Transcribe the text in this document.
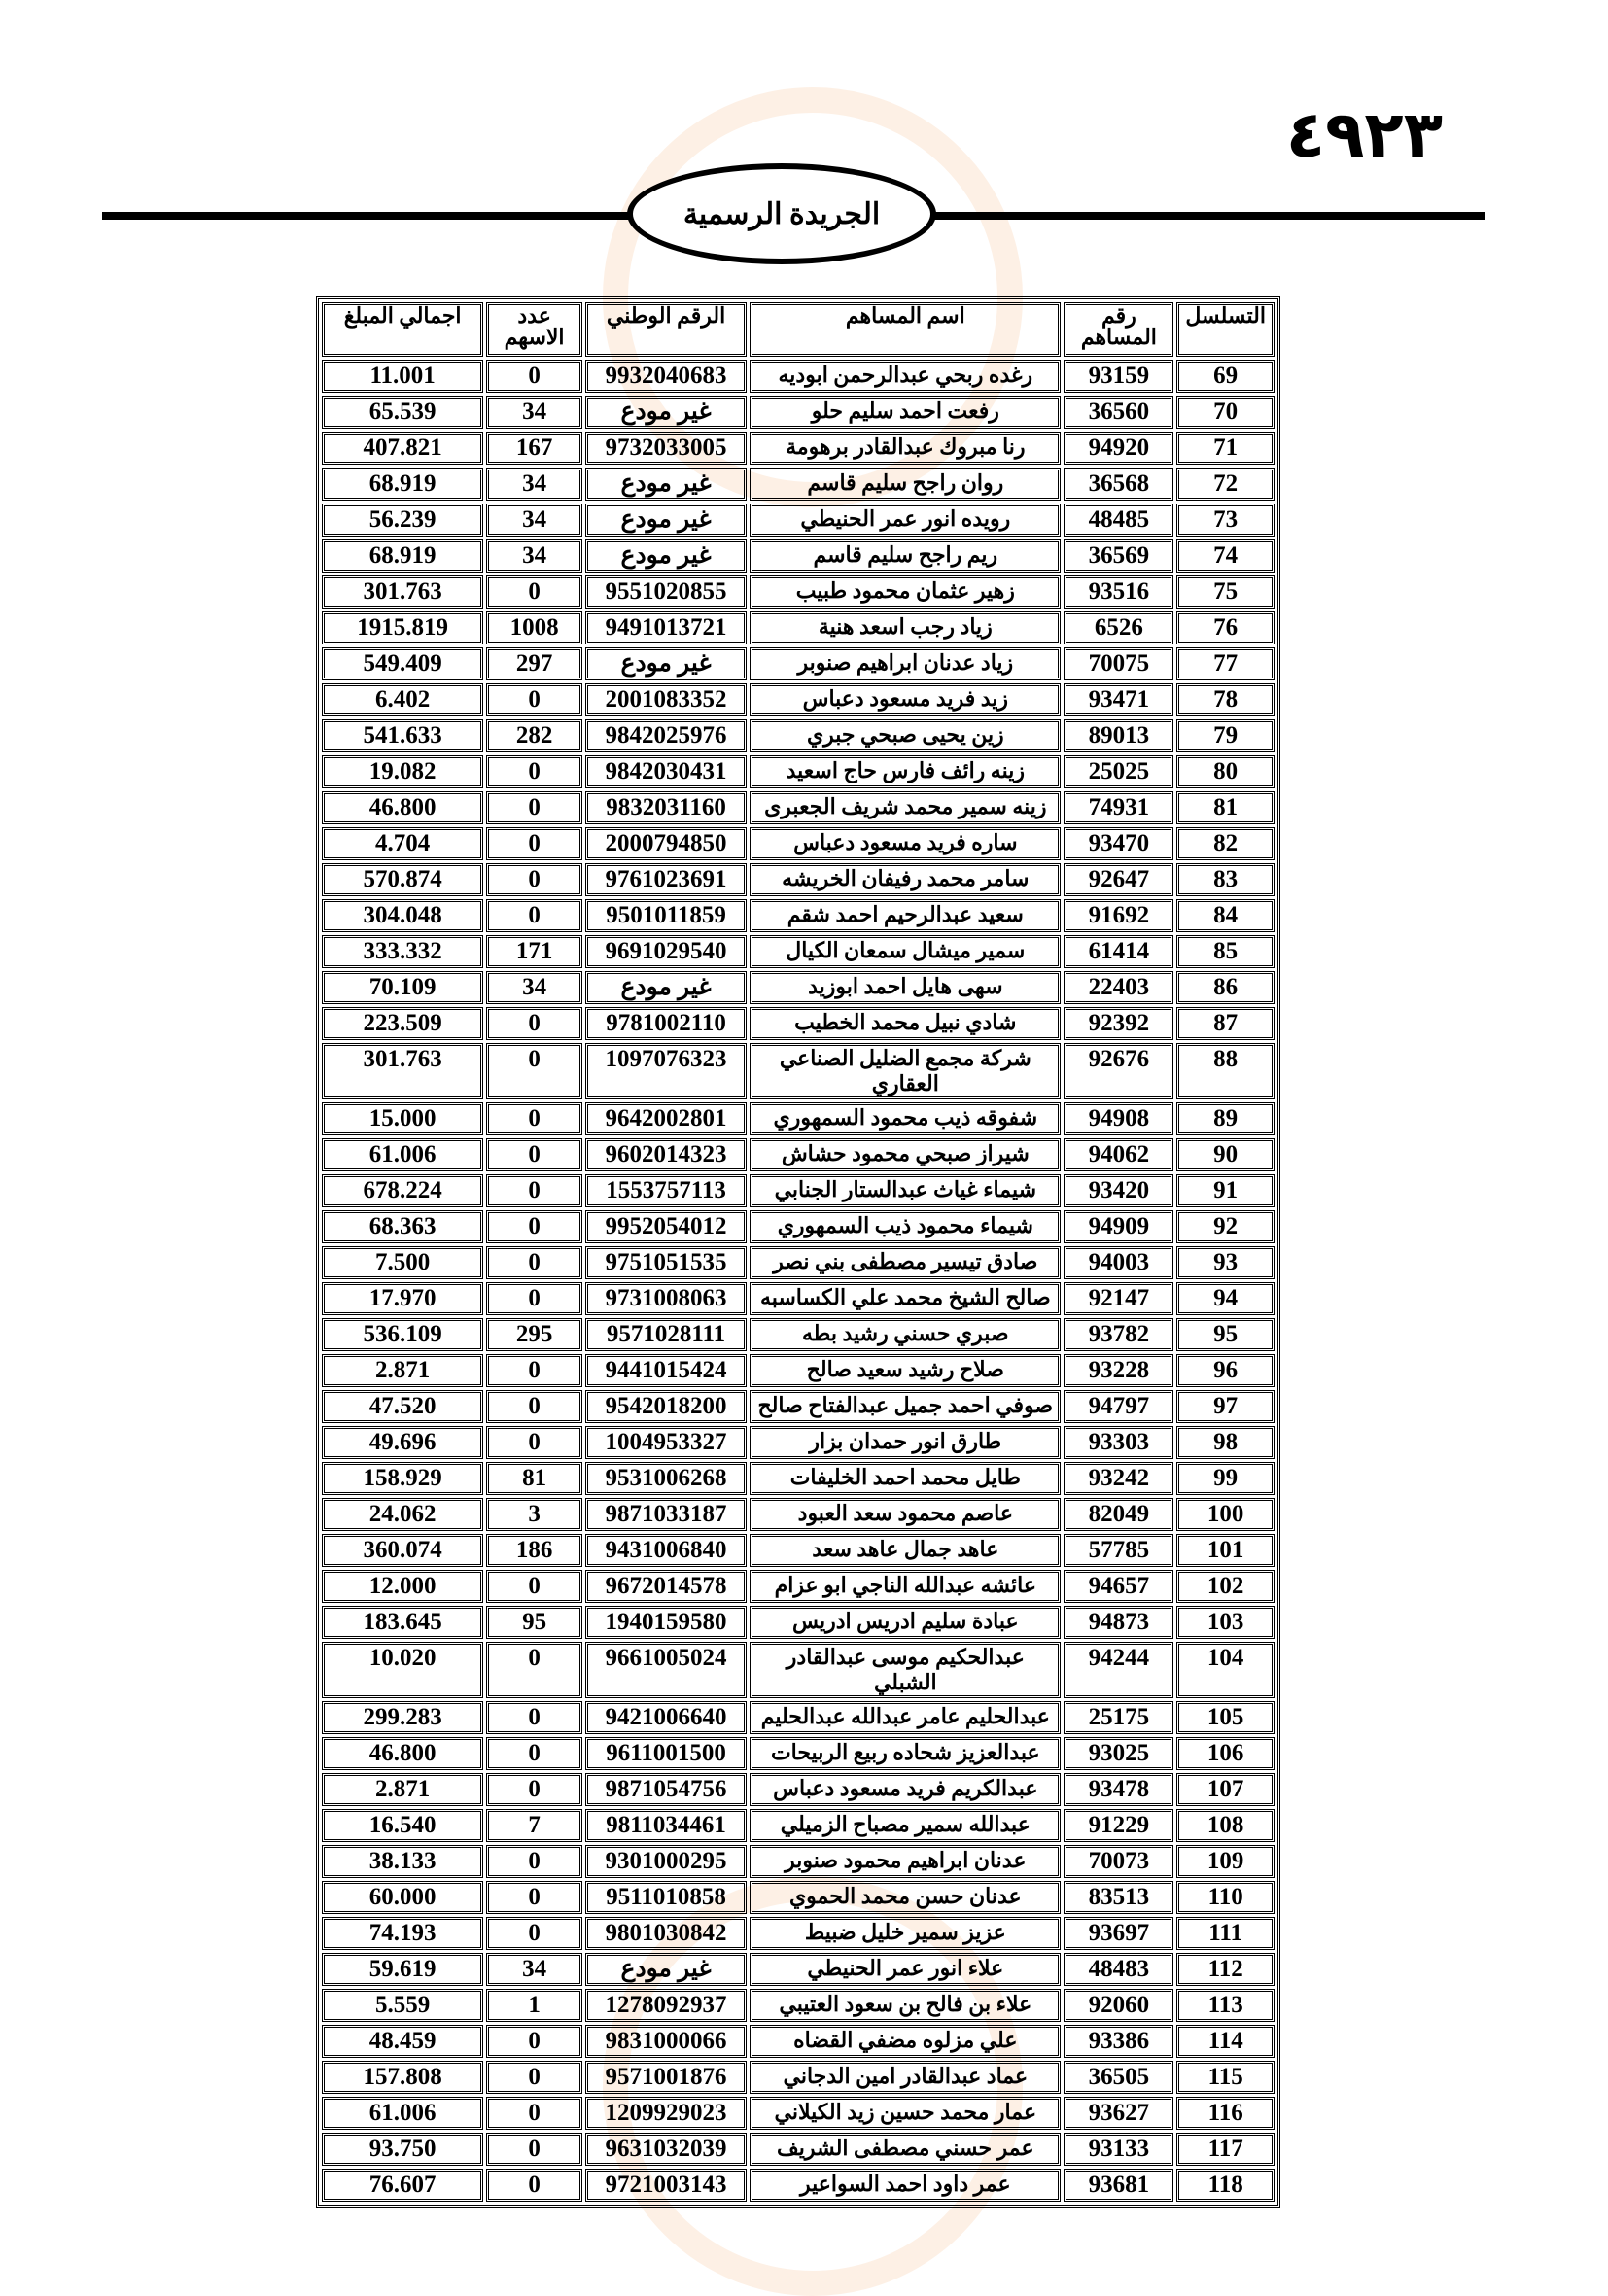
٤٩٢٣
الجريدة الرسمية
التسلسل	رقم المساهم	اسم المساهم	الرقم الوطني	عدد الاسهم	اجمالي المبلغ
69	93159	رغده ربحي عبدالرحمن ابوديه	9932040683	0	11.001
70	36560	رفعت احمد سليم حلو	غير مودع	34	65.539
71	94920	رنا مبروك عبدالقادر برهومة	9732033005	167	407.821
72	36568	روان راجح سليم قاسم	غير مودع	34	68.919
73	48485	رويده انور عمر الحنيطي	غير مودع	34	56.239
74	36569	ريم راجح سليم قاسم	غير مودع	34	68.919
75	93516	زهير عثمان محمود طبيب	9551020855	0	301.763
76	6526	زياد رجب اسعد هنية	9491013721	1008	1915.819
77	70075	زياد عدنان ابراهيم صنوبر	غير مودع	297	549.409
78	93471	زيد فريد مسعود دعباس	2001083352	0	6.402
79	89013	زين يحيى صبحي جبري	9842025976	282	541.633
80	25025	زينه رائف فارس حاج اسعيد	9842030431	0	19.082
81	74931	زينه سمير محمد شريف الجعبرى	9832031160	0	46.800
82	93470	ساره فريد مسعود دعباس	2000794850	0	4.704
83	92647	سامر محمد رفيفان الخريشه	9761023691	0	570.874
84	91692	سعيد عبدالرحيم احمد شقم	9501011859	0	304.048
85	61414	سمير ميشال سمعان الكيال	9691029540	171	333.332
86	22403	سهى هايل احمد ابوزيد	غير مودع	34	70.109
87	92392	شادي نبيل محمد الخطيب	9781002110	0	223.509
88	92676	شركة مجمع الضليل الصناعي العقاري	1097076323	0	301.763
89	94908	شفوقه ذيب محمود السمهوري	9642002801	0	15.000
90	94062	شيراز صبحي محمود حشاش	9602014323	0	61.006
91	93420	شيماء غياث عبدالستار الجنابي	1553757113	0	678.224
92	94909	شيماء محمود ذيب السمهوري	9952054012	0	68.363
93	94003	صادق تيسير مصطفى بني نصر	9751051535	0	7.500
94	92147	صالح الشيخ محمد علي الكساسبه	9731008063	0	17.970
95	93782	صبري حسني رشيد بطه	9571028111	295	536.109
96	93228	صلاح رشيد سعيد صالح	9441015424	0	2.871
97	94797	صوفي احمد جميل عبدالفتاح صالح	9542018200	0	47.520
98	93303	طارق انور حمدان بزار	1004953327	0	49.696
99	93242	طايل محمد احمد الخليفات	9531006268	81	158.929
100	82049	عاصم محمود سعد العبود	9871033187	3	24.062
101	57785	عاهد جمال عاهد سعد	9431006840	186	360.074
102	94657	عائشه عبدالله الناجي ابو عزام	9672014578	0	12.000
103	94873	عبادة سليم ادريس ادريس	1940159580	95	183.645
104	94244	عبدالحكيم موسى عبدالقادر الشبلي	9661005024	0	10.020
105	25175	عبدالحليم عامر عبدالله عبدالحليم	9421006640	0	299.283
106	93025	عبدالعزيز شحاده ربيع الربيحات	9611001500	0	46.800
107	93478	عبدالكريم فريد مسعود دعباس	9871054756	0	2.871
108	91229	عبدالله سمير مصباح الزميلي	9811034461	7	16.540
109	70073	عدنان ابراهيم محمود صنوبر	9301000295	0	38.133
110	83513	عدنان حسن محمد الحموي	9511010858	0	60.000
111	93697	عزيز سمير خليل ضبيط	9801030842	0	74.193
112	48483	علاء انور عمر الحنيطي	غير مودع	34	59.619
113	92060	علاء بن فالح بن سعود العتيبي	1278092937	1	5.559
114	93386	علي مزلوه مضفي القضاه	9831000066	0	48.459
115	36505	عماد عبدالقادر امين الدجاني	9571001876	0	157.808
116	93627	عمار محمد حسين زيد الكيلاني	1209929023	0	61.006
117	93133	عمر حسني مصطفى الشريف	9631032039	0	93.750
118	93681	عمر داود احمد السواعير	9721003143	0	76.607
